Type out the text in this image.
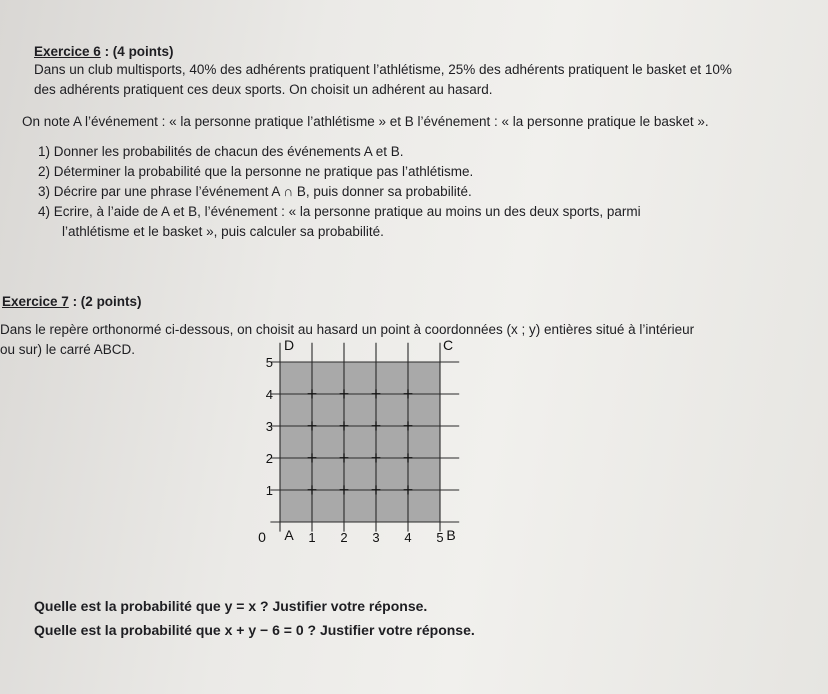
Exercice 6 : (4 points)
Dans un club multisports, 40% des adhérents pratiquent l’athlétisme, 25% des adhérents pratiquent le basket et 10%
des adhérents pratiquent ces deux sports. On choisit un adhérent au hasard.
On note A l’événement : « la personne pratique l’athlétisme » et B l’événement : « la personne pratique le basket ».
1) Donner les probabilités de chacun des événements A et B.
2) Déterminer la probabilité que la personne ne pratique pas l’athlétisme.
3) Décrire par une phrase l’événement A ∩ B, puis donner sa probabilité.
4) Ecrire, à l’aide de A et B, l’événement : « la personne pratique au moins un des deux sports, parmi
l’athlétisme et le basket », puis calculer sa probabilité.
Exercice 7 : (2 points)
Dans le repère orthonormé ci-dessous, on choisit au hasard un point à coordonnées (x ; y) entières situé à l’intérieur
ou sur) le carré ABCD.
+
+
+
+
+
+
+
+
+
+
+
+
+
+
+
+
1
2
3
4
5
1 2 3 4 5
0 A	B
D	C
Quelle est la probabilité que y = x ? Justifier votre réponse.
Quelle est la probabilité que x + y − 6 = 0 ? Justifier votre réponse.
